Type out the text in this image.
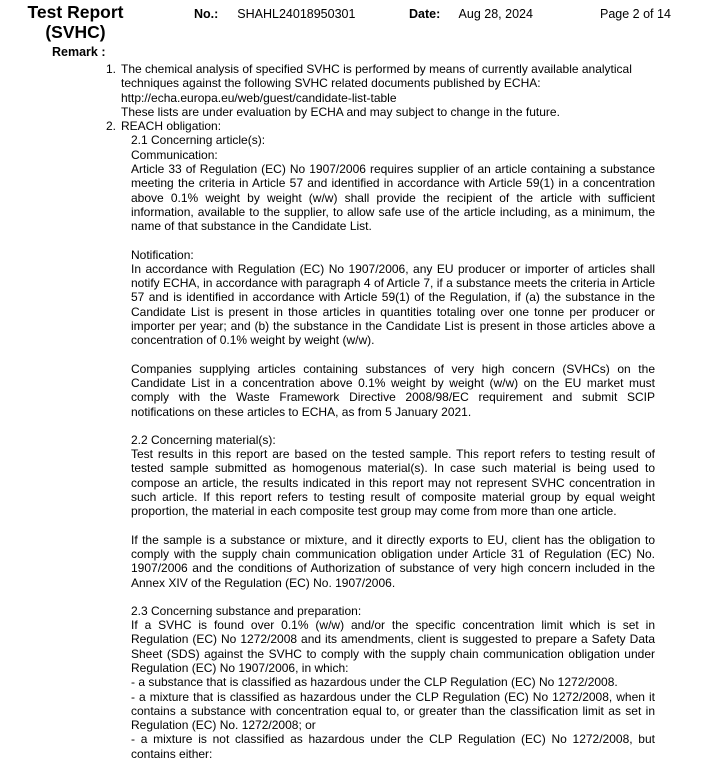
Test Report
(SVHC)
No.: SHAHL24018950301	Date: Aug 28, 2024	Page 2 of 14
Remark :
1. The chemical analysis of specified SVHC is performed by means of currently available analytical techniques against the following SVHC related documents published by ECHA:

http://echa.europa.eu/web/guest/candidate-list-table

These lists are under evaluation by ECHA and may subject to change in the future.

2. REACH obligation:

2.1 Concerning article(s):

Communication:

Article 33 of Regulation (EC) No 1907/2006 requires supplier of an article containing a substance meeting the criteria in Article 57 and identified in accordance with Article 59(1) in a concentration above 0.1% weight by weight (w/w) shall provide the recipient of the article with sufficient information, available to the supplier, to allow safe use of the article including, as a minimum, the name of that substance in the Candidate List.

Notification:

In accordance with Regulation (EC) No 1907/2006, any EU producer or importer of articles shall notify ECHA, in accordance with paragraph 4 of Article 7, if a substance meets the criteria in Article 57 and is identified in accordance with Article 59(1) of the Regulation, if (a) the substance in the Candidate List is present in those articles in quantities totaling over one tonne per producer or importer per year; and (b) the substance in the Candidate List is present in those articles above a concentration of 0.1% weight by weight (w/w).

Companies supplying articles containing substances of very high concern (SVHCs) on the Candidate List in a concentration above 0.1% weight by weight (w/w) on the EU market must comply with the Waste Framework Directive 2008/98/EC requirement and submit SCIP notifications on these articles to ECHA, as from 5 January 2021.

2.2 Concerning material(s):

Test results in this report are based on the tested sample. This report refers to testing result of tested sample submitted as homogenous material(s). In case such material is being used to compose an article, the results indicated in this report may not represent SVHC concentration in such article. If this report refers to testing result of composite material group by equal weight proportion, the material in each composite test group may come from more than one article.

If the sample is a substance or mixture, and it directly exports to EU, client has the obligation to comply with the supply chain communication obligation under Article 31 of Regulation (EC) No. 1907/2006 and the conditions of Authorization of substance of very high concern included in the Annex XIV of the Regulation (EC) No. 1907/2006.

2.3 Concerning substance and preparation:

If a SVHC is found over 0.1% (w/w) and/or the specific concentration limit which is set in Regulation (EC) No 1272/2008 and its amendments, client is suggested to prepare a Safety Data Sheet (SDS) against the SVHC to comply with the supply chain communication obligation under Regulation (EC) No 1907/2006, in which:

- a substance that is classified as hazardous under the CLP Regulation (EC) No 1272/2008.

- a mixture that is classified as hazardous under the CLP Regulation (EC) No 1272/2008, when it contains a substance with concentration equal to, or greater than the classification limit as set in Regulation (EC) No. 1272/2008; or

- a mixture is not classified as hazardous under the CLP Regulation (EC) No 1272/2008, but contains either:
